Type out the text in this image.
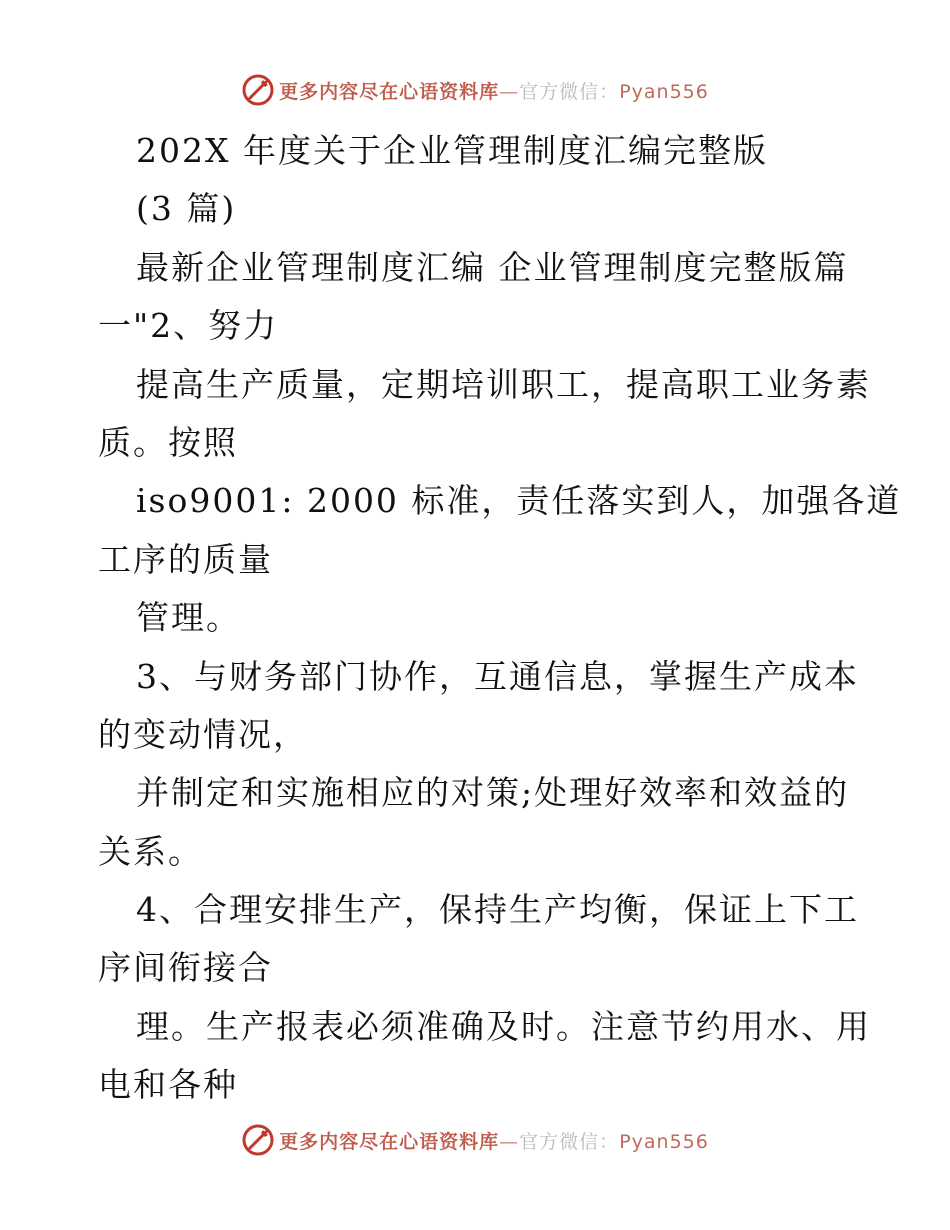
更多内容尽在心语资料库—官方微信：Pyan556
202X 年度关于企业管理制度汇编完整版
(3 篇)
最新企业管理制度汇编 企业管理制度完整版篇
一"2、努力
提高生产质量，定期培训职工，提高职工业务素
质。按照
iso9001: 2000 标准，责任落实到人，加强各道
工序的质量
管理。
3、与财务部门协作，互通信息，掌握生产成本
的变动情况，
并制定和实施相应的对策;处理好效率和效益的
关系。
4、合理安排生产，保持生产均衡，保证上下工
序间衔接合
理。生产报表必须准确及时。注意节约用水、用
电和各种
更多内容尽在心语资料库—官方微信：Pyan556
